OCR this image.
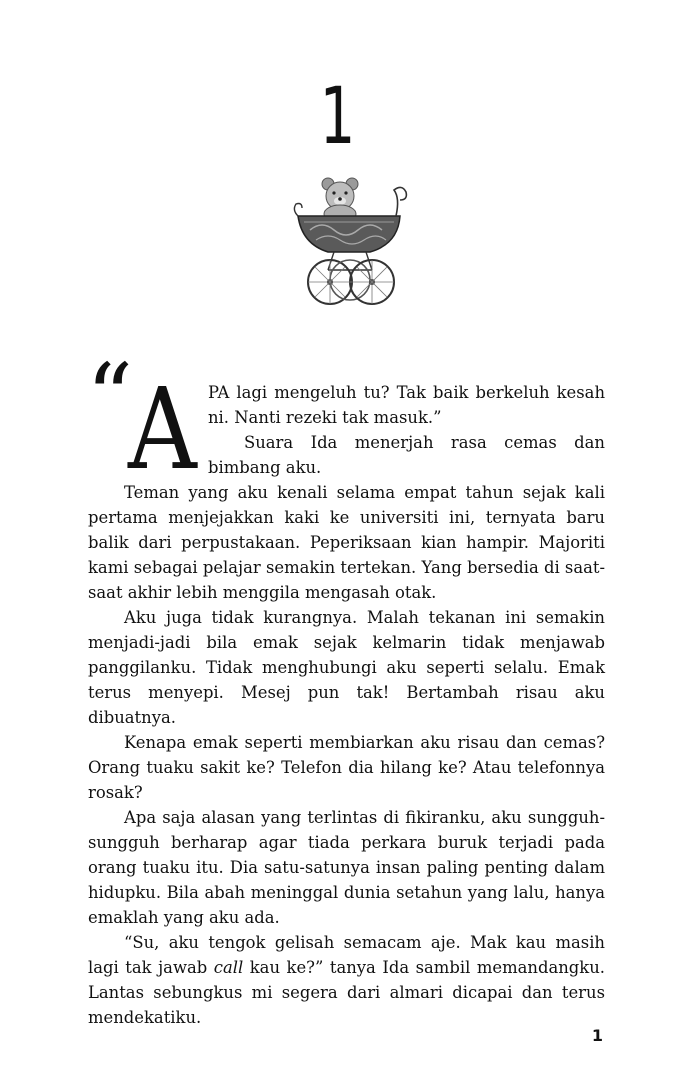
1
“
A PA lagi mengeluh tu? Tak baik berkeluh kesah
ni. Nanti rezeki tak masuk.”
Suara Ida menerjah rasa cemas dan
bimbang aku.
Teman yang aku kenali selama empat tahun sejak kali
pertama menjejakkan kaki ke universiti ini, ternyata baru
balik dari perpustakaan. Peperiksaan kian hampir. Majoriti
kami sebagai pelajar semakin tertekan. Yang bersedia di saat-
saat akhir lebih menggila mengasah otak.
Aku juga tidak kurangnya. Malah tekanan ini semakin
menjadi-jadi bila emak sejak kelmarin tidak menjawab
panggilanku. Tidak menghubungi aku seperti selalu. Emak
terus menyepi. Mesej pun tak! Bertambah risau aku dibuatnya.
Kenapa emak seperti membiarkan aku risau dan cemas?
Orang tuaku sakit ke? Telefon dia hilang ke? Atau telefonnya
rosak?
Apa saja alasan yang terlintas di fikiranku, aku sungguh-
sungguh berharap agar tiada perkara buruk terjadi pada
orang tuaku itu. Dia satu-satunya insan paling penting dalam
hidupku. Bila abah meninggal dunia setahun yang lalu, hanya
emaklah yang aku ada.
“Su, aku tengok gelisah semacam aje. Mak kau masih
lagi tak jawab call kau ke?” tanya Ida sambil memandangku.
Lantas sebungkus mi segera dari almari dicapai dan terus
mendekatiku.
1
